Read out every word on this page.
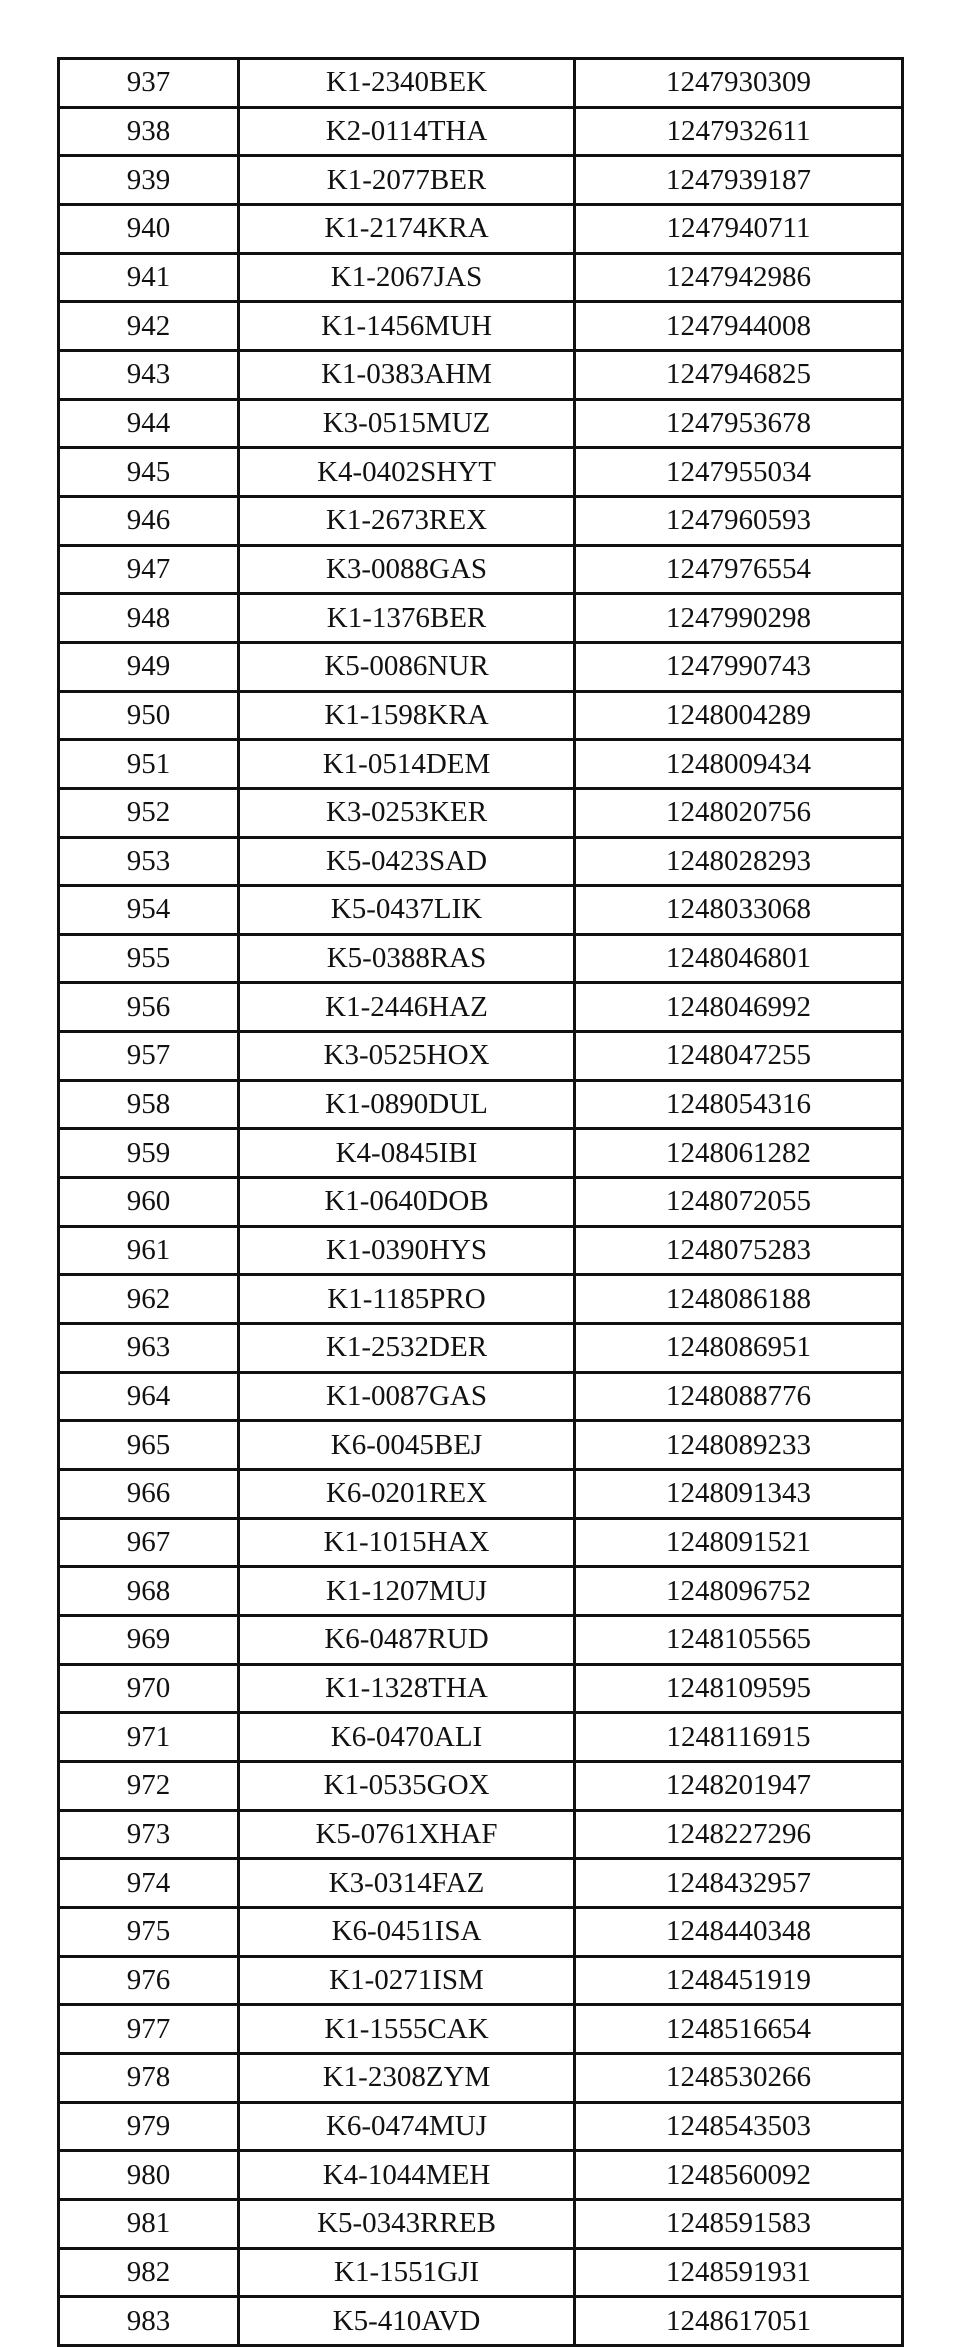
937	K1-2340BEK	1247930309
938	K2-0114THA	1247932611
939	K1-2077BER	1247939187
940	K1-2174KRA	1247940711
941	K1-2067JAS	1247942986
942	K1-1456MUH	1247944008
943	K1-0383AHM	1247946825
944	K3-0515MUZ	1247953678
945	K4-0402SHYT	1247955034
946	K1-2673REX	1247960593
947	K3-0088GAS	1247976554
948	K1-1376BER	1247990298
949	K5-0086NUR	1247990743
950	K1-1598KRA	1248004289
951	K1-0514DEM	1248009434
952	K3-0253KER	1248020756
953	K5-0423SAD	1248028293
954	K5-0437LIK	1248033068
955	K5-0388RAS	1248046801
956	K1-2446HAZ	1248046992
957	K3-0525HOX	1248047255
958	K1-0890DUL	1248054316
959	K4-0845IBI	1248061282
960	K1-0640DOB	1248072055
961	K1-0390HYS	1248075283
962	K1-1185PRO	1248086188
963	K1-2532DER	1248086951
964	K1-0087GAS	1248088776
965	K6-0045BEJ	1248089233
966	K6-0201REX	1248091343
967	K1-1015HAX	1248091521
968	K1-1207MUJ	1248096752
969	K6-0487RUD	1248105565
970	K1-1328THA	1248109595
971	K6-0470ALI	1248116915
972	K1-0535GOX	1248201947
973	K5-0761XHAF	1248227296
974	K3-0314FAZ	1248432957
975	K6-0451ISA	1248440348
976	K1-0271ISM	1248451919
977	K1-1555CAK	1248516654
978	K1-2308ZYM	1248530266
979	K6-0474MUJ	1248543503
980	K4-1044MEH	1248560092
981	K5-0343RREB	1248591583
982	K1-1551GJI	1248591931
983	K5-410AVD	1248617051
